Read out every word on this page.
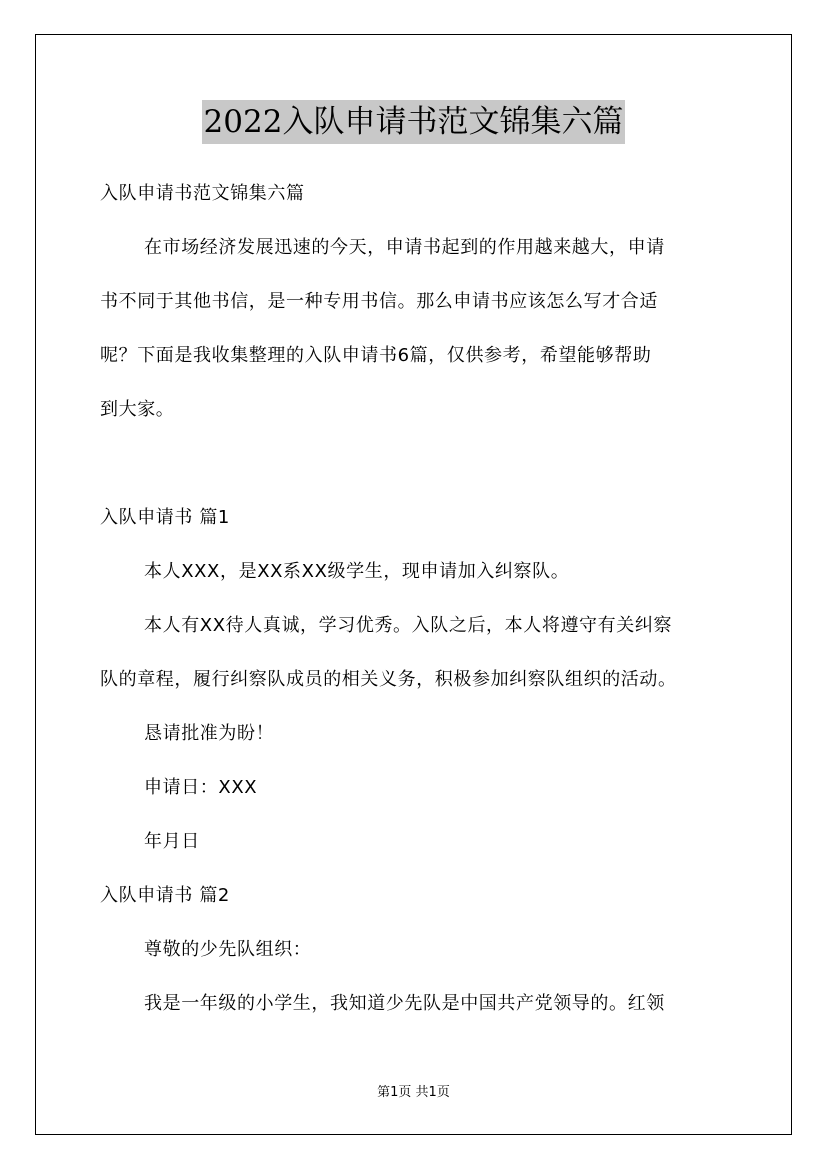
2022入队申请书范文锦集六篇
入队申请书范文锦集六篇
在市场经济发展迅速的今天，申请书起到的作用越来越大，申请
书不同于其他书信，是一种专用书信。那么申请书应该怎么写才合适
呢？下面是我收集整理的入队申请书6篇，仅供参考，希望能够帮助
到大家。
入队申请书 篇1
本人XXX，是XX系XX级学生，现申请加入纠察队。
本人有XX待人真诚，学习优秀。入队之后，本人将遵守有关纠察
队的章程，履行纠察队成员的相关义务，积极参加纠察队组织的活动。
恳请批准为盼！
申请日：XXX
年月日
入队申请书 篇2
尊敬的少先队组织：
我是一年级的小学生，我知道少先队是中国共产党领导的。红领
第1页 共1页
